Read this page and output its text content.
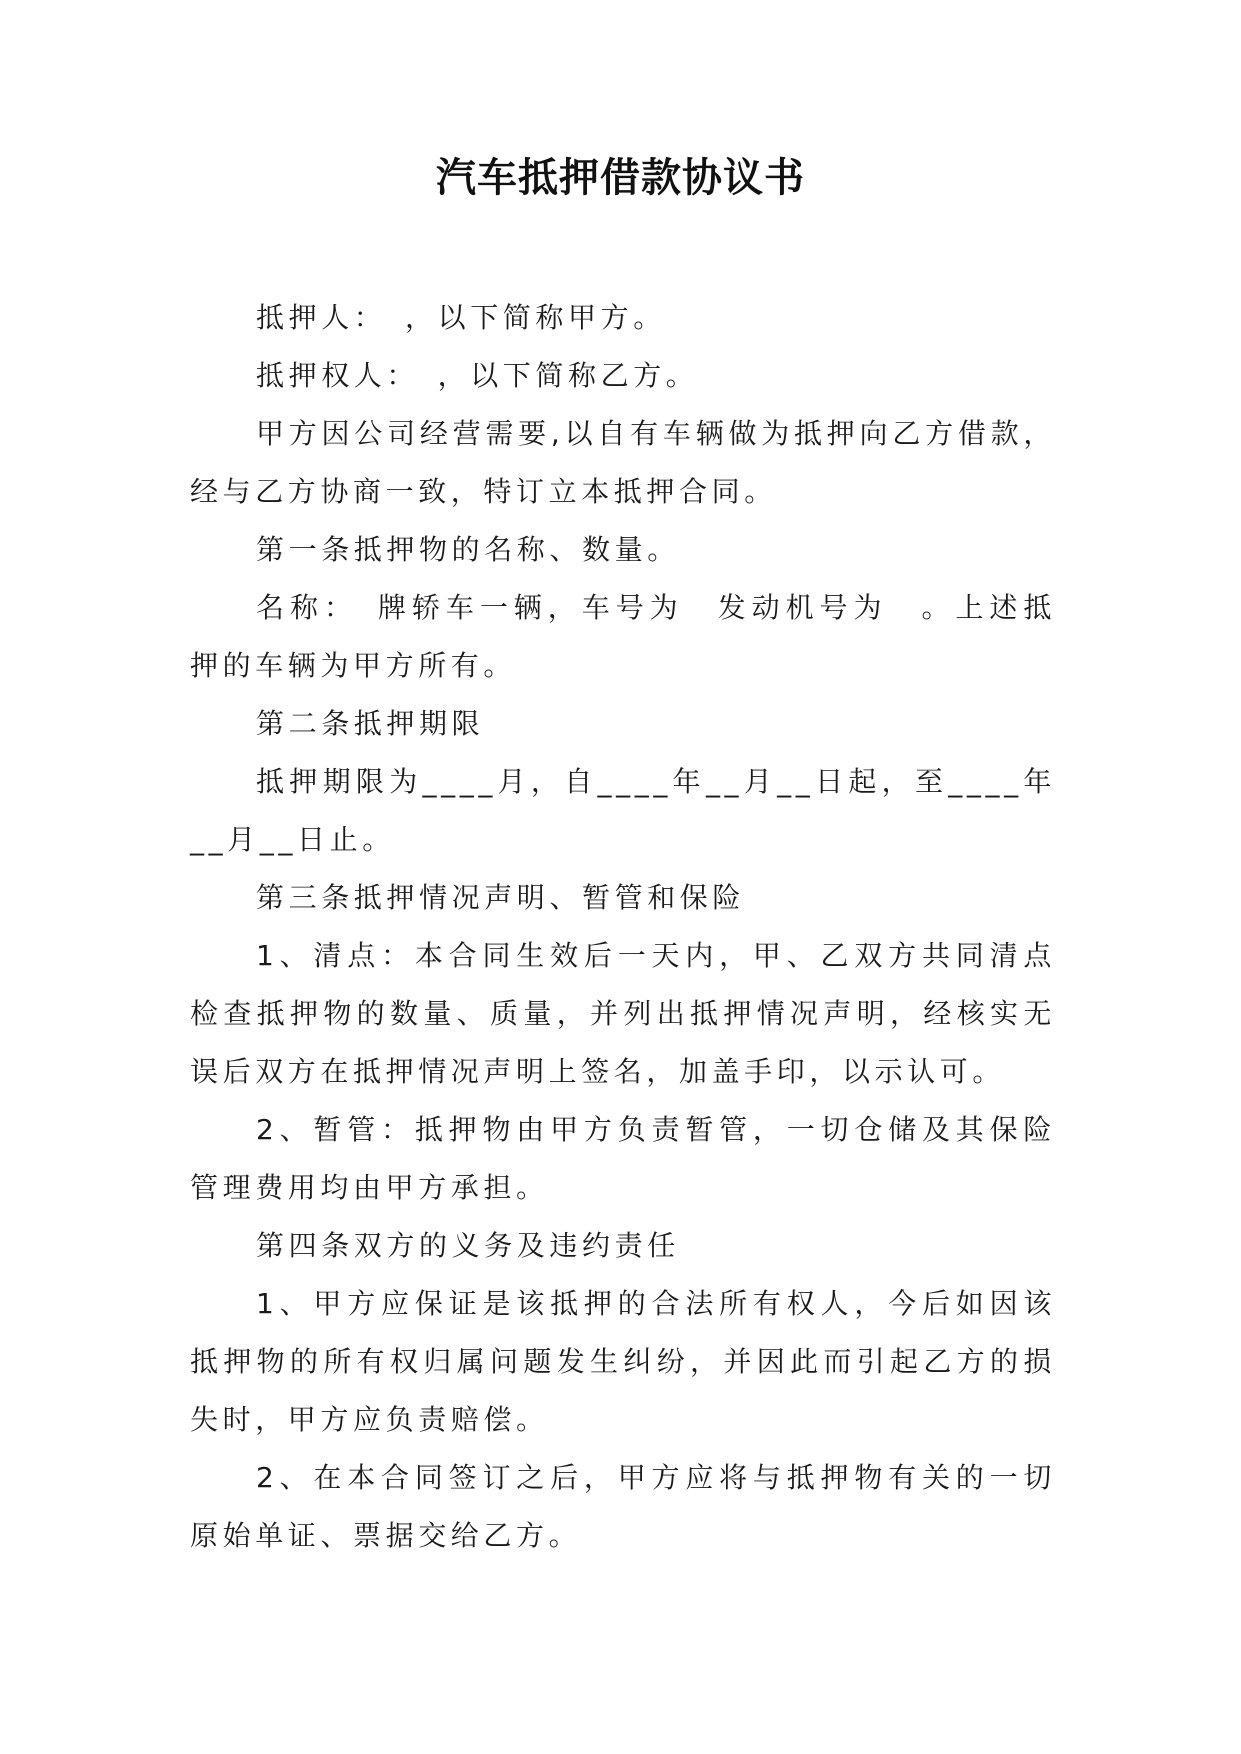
汽车抵押借款协议书

抵押人：　，以下简称甲方。

抵押权人：　，以下简称乙方。

甲方因公司经营需要,以自有车辆做为抵押向乙方借款，经与乙方协商一致，特订立本抵押合同。

第一条抵押物的名称、数量。

名称：　牌轿车一辆，车号为　发动机号为　。上述抵押的车辆为甲方所有。

第二条抵押期限

抵押期限为____月，自____年__月__日起，至____年__月__日止。

第三条抵押情况声明、暂管和保险

1、清点：本合同生效后一天内，甲、乙双方共同清点检查抵押物的数量、质量，并列出抵押情况声明，经核实无误后双方在抵押情况声明上签名，加盖手印，以示认可。

2、暂管：抵押物由甲方负责暂管，一切仓储及其保险管理费用均由甲方承担。

第四条双方的义务及违约责任

1、甲方应保证是该抵押的合法所有权人，今后如因该抵押物的所有权归属问题发生纠纷，并因此而引起乙方的损失时，甲方应负责赔偿。

2、在本合同签订之后，甲方应将与抵押物有关的一切原始单证、票据交给乙方。
